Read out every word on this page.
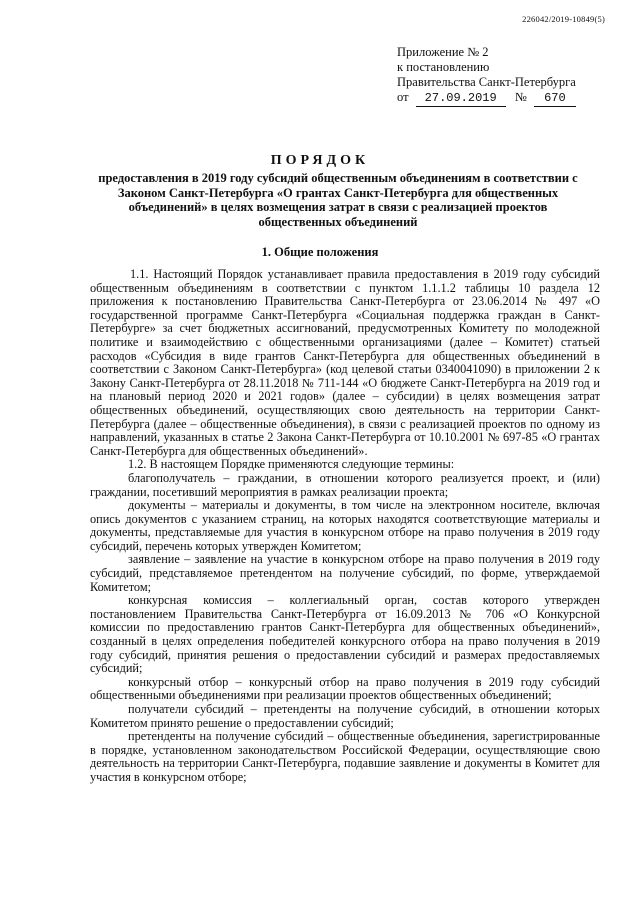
226042/2019-10849(5)
Приложение № 2
к постановлению
Правительства Санкт-Петербурга
от 27.09.2019 № 670
ПОРЯДОК
предоставления в 2019 году субсидий общественным объединениям в соответствии с Законом Санкт-Петербурга «О грантах Санкт-Петербурга для общественных объединений» в целях возмещения затрат в связи с реализацией проектов общественных объединений
1. Общие положения

1.1. Настоящий Порядок устанавливает правила предоставления в 2019 году субсидий общественным объединениям в соответствии с пунктом 1.1.1.2 таблицы 10 раздела 12 приложения к постановлению Правительства Санкт-Петербурга от 23.06.2014 № 497 «О государственной программе Санкт-Петербурга «Социальная поддержка граждан в Санкт-Петербурге» за счет бюджетных ассигнований, предусмотренных Комитету по молодежной политике и взаимодействию с общественными организациями (далее – Комитет) статьей расходов «Субсидия в виде грантов Санкт-Петербурга для общественных объединений в соответствии с Законом Санкт-Петербурга» (код целевой статьи 0340041090) в приложении 2 к Закону Санкт-Петербурга от 28.11.2018 № 711-144 «О бюджете Санкт-Петербурга на 2019 год и на плановый период 2020 и 2021 годов» (далее – субсидии) в целях возмещения затрат общественных объединений, осуществляющих свою деятельность на территории Санкт-Петербурга (далее – общественные объединения), в связи с реализацией проектов по одному из направлений, указанных в статье 2 Закона Санкт-Петербурга от 10.10.2001 № 697-85 «О грантах Санкт-Петербурга для общественных объединений».

1.2. В настоящем Порядке применяются следующие термины:

благополучатель – граждании, в отношении которого реализуется проект, и (или) граждании, посетивший мероприятия в рамках реализации проекта;

документы – материалы и документы, в том числе на электронном носителе, включая опись документов с указанием страниц, на которых находятся соответствующие материалы и документы, представляемые для участия в конкурсном отборе на право получения в 2019 году субсидий, перечень которых утвержден Комитетом;

заявление – заявление на участие в конкурсном отборе на право получения в 2019 году субсидий, представляемое претендентом на получение субсидий, по форме, утверждаемой Комитетом;

конкурсная комиссия – коллегиальный орган, состав которого утвержден постановлением Правительства Санкт-Петербурга от 16.09.2013 № 706 «О Конкурсной комиссии по предоставлению грантов Санкт-Петербурга для общественных объединений», созданный в целях определения победителей конкурсного отбора на право получения в 2019 году субсидий, принятия решения о предоставлении субсидий и размерах предоставляемых субсидий;

конкурсный отбор – конкурсный отбор на право получения в 2019 году субсидий общественными объединениями при реализации проектов общественных объединений;

получатели субсидий – претенденты на получение субсидий, в отношении которых Комитетом принято решение о предоставлении субсидий;

претенденты на получение субсидий – общественные объединения, зарегистрированные в порядке, установленном законодательством Российской Федерации, осуществляющие свою деятельность на территории Санкт-Петербурга, подавшие заявление и документы в Комитет для участия в конкурсном отборе;
